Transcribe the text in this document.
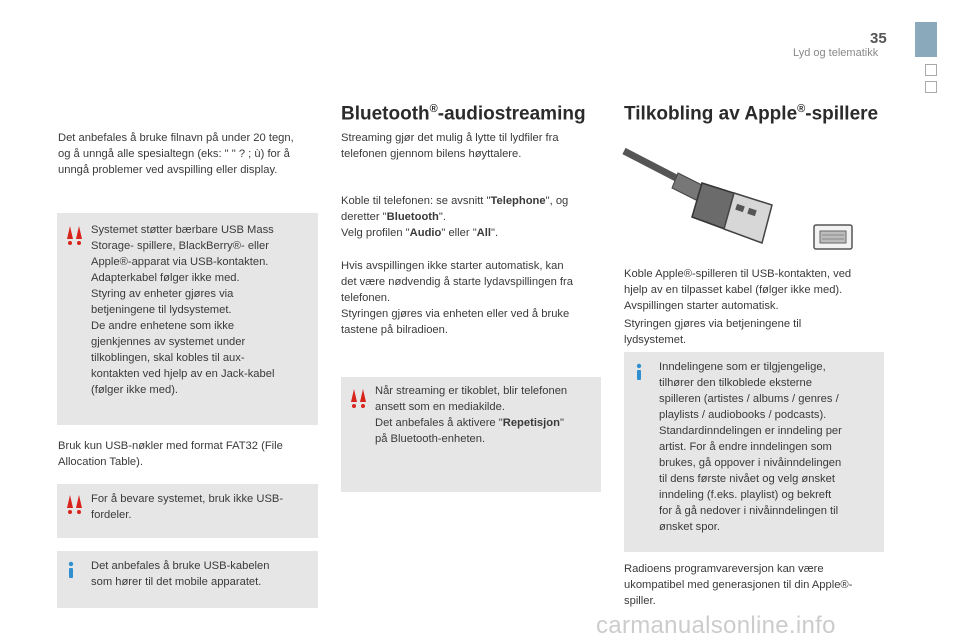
35
Lyd og telematikk
Det anbefales å bruke filnavn på under 20 tegn,
og å unngå alle spesialtegn (eks: " " ? ; ù) for å
unngå problemer ved avspilling eller display.
Systemet støtter bærbare USB Mass
Storage- spillere, BlackBerry®- eller
Apple®-apparat via USB-kontakten.
Adapterkabel følger ikke med.
Styring av enheter gjøres via
betjeningene til lydsystemet.
De andre enhetene som ikke
gjenkjennes av systemet under
tilkoblingen, skal kobles til aux-
kontakten ved hjelp av en Jack-kabel
(følger ikke med).
Bruk kun USB-nøkler med format FAT32 (File
Allocation Table).
For å bevare systemet, bruk ikke USB-
fordeler.
Det anbefales å bruke USB-kabelen
som hører til det mobile apparatet.
Bluetooth®-audiostreaming
Streaming gjør det mulig å lytte til lydfiler fra
telefonen gjennom bilens høyttalere.
Koble til telefonen: se avsnitt "Telephone", og
deretter "Bluetooth".
Velg profilen "Audio" eller "All".
Hvis avspillingen ikke starter automatisk, kan
det være nødvendig å starte lydavspillingen fra
telefonen.
Styringen gjøres via enheten eller ved å bruke
tastene på bilradioen.
Når streaming er tikoblet, blir telefonen
ansett som en mediakilde.
Det anbefales å aktivere "Repetisjon"
på Bluetooth-enheten.
Tilkobling av Apple®-spillere
Koble Apple®-spilleren til USB-kontakten, ved
hjelp av en tilpasset kabel (følger ikke med).
Avspillingen starter automatisk.
Styringen gjøres via betjeningene til
lydsystemet.
Inndelingene som er tilgjengelige,
tilhører den tilkoblede eksterne
spilleren (artistes / albums / genres /
playlists / audiobooks / podcasts).
Standardinndelingen er inndeling per
artist. For å endre inndelingen som
brukes, gå oppover i nivåinndelingen
til dens første nivået og velg ønsket
inndeling (f.eks. playlist) og bekreft
for å gå nedover i nivåinndelingen til
ønsket spor.
Radioens programvareversjon kan være
ukompatibel med generasjonen til din Apple®-
spiller.
carmanualsonline.info
